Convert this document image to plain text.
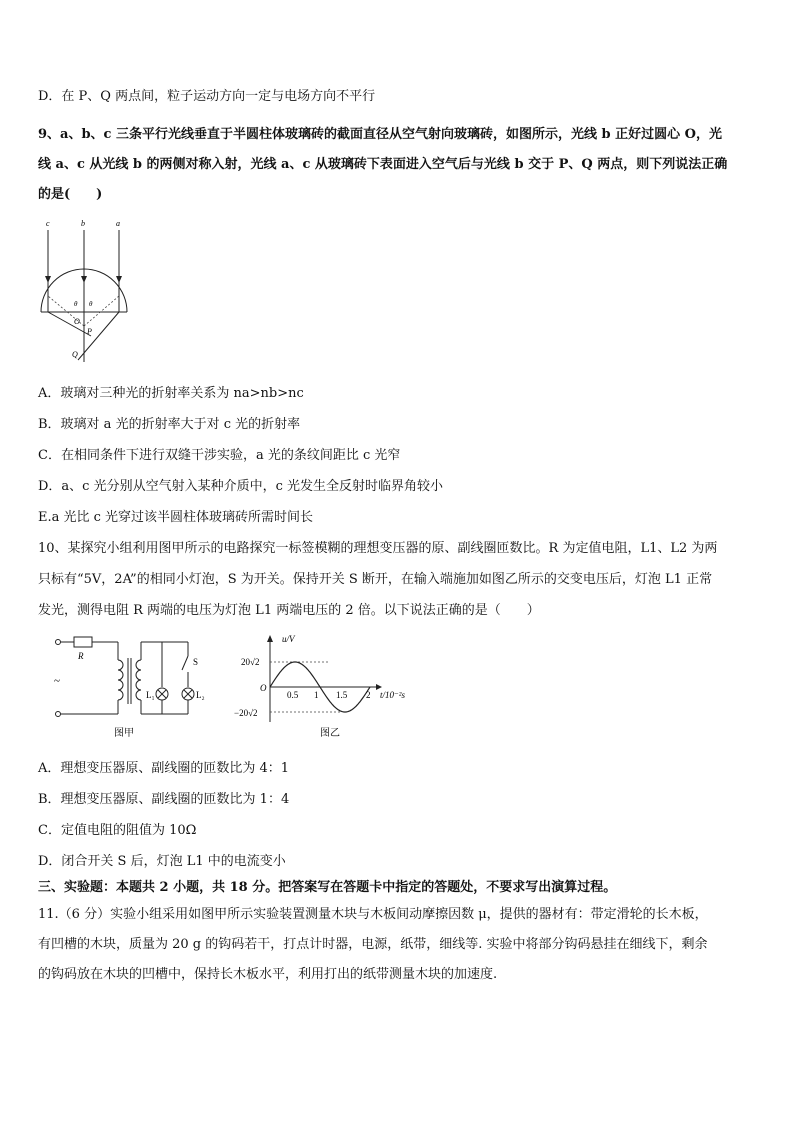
D．在 P、Q 两点间，粒子运动方向一定与电场方向不平行
9、a、b、c 三条平行光线垂直于半圆柱体玻璃砖的截面直径从空气射向玻璃砖，如图所示，光线 b 正好过圆心 O，光
线 a、c 从光线 b 的两侧对称入射，光线 a、c 从玻璃砖下表面进入空气后与光线 b 交于 P、Q 两点，则下列说法正确
的是(　　)
c	b	a
θ θ
O
P
Q
A．玻璃对三种光的折射率关系为 na>nb>nc
B．玻璃对 a 光的折射率大于对 c 光的折射率
C．在相同条件下进行双缝干涉实验，a 光的条纹间距比 c 光窄
D．a、c 光分别从空气射入某种介质中，c 光发生全反射时临界角较小
E.a 光比 c 光穿过该半圆柱体玻璃砖所需时间长
10、某探究小组利用图甲所示的电路探究一标签模糊的理想变压器的原、副线圈匝数比。R 为定值电阻，L1、L2 为两
只标有“5V，2A”的相同小灯泡，S 为开关。保持开关 S 断开，在输入端施加如图乙所示的交变电压后，灯泡 L1 正常
发光，测得电阻 R 两端的电压为灯泡 L1 两端电压的 2 倍。以下说法正确的是（　　）
R
~
S
L₁	L₂
图甲
u/V
20√2
−20√2
O
0.5 1 1.5 2 t/10⁻²s
图乙
A．理想变压器原、副线圈的匝数比为 4：1
B．理想变压器原、副线圈的匝数比为 1：4
C．定值电阻的阻值为 10Ω
D．闭合开关 S 后，灯泡 L1 中的电流变小
三、实验题：本题共 2 小题，共 18 分。把答案写在答题卡中指定的答题处，不要求写出演算过程。
11.（6 分）实验小组采用如图甲所示实验装置测量木块与木板间动摩擦因数 μ，提供的器材有：带定滑轮的长木板，
有凹槽的木块，质量为 20 g 的钩码若干，打点计时器，电源，纸带，细线等. 实验中将部分钩码悬挂在细线下，剩余
的钩码放在木块的凹槽中，保持长木板水平，利用打出的纸带测量木块的加速度.
